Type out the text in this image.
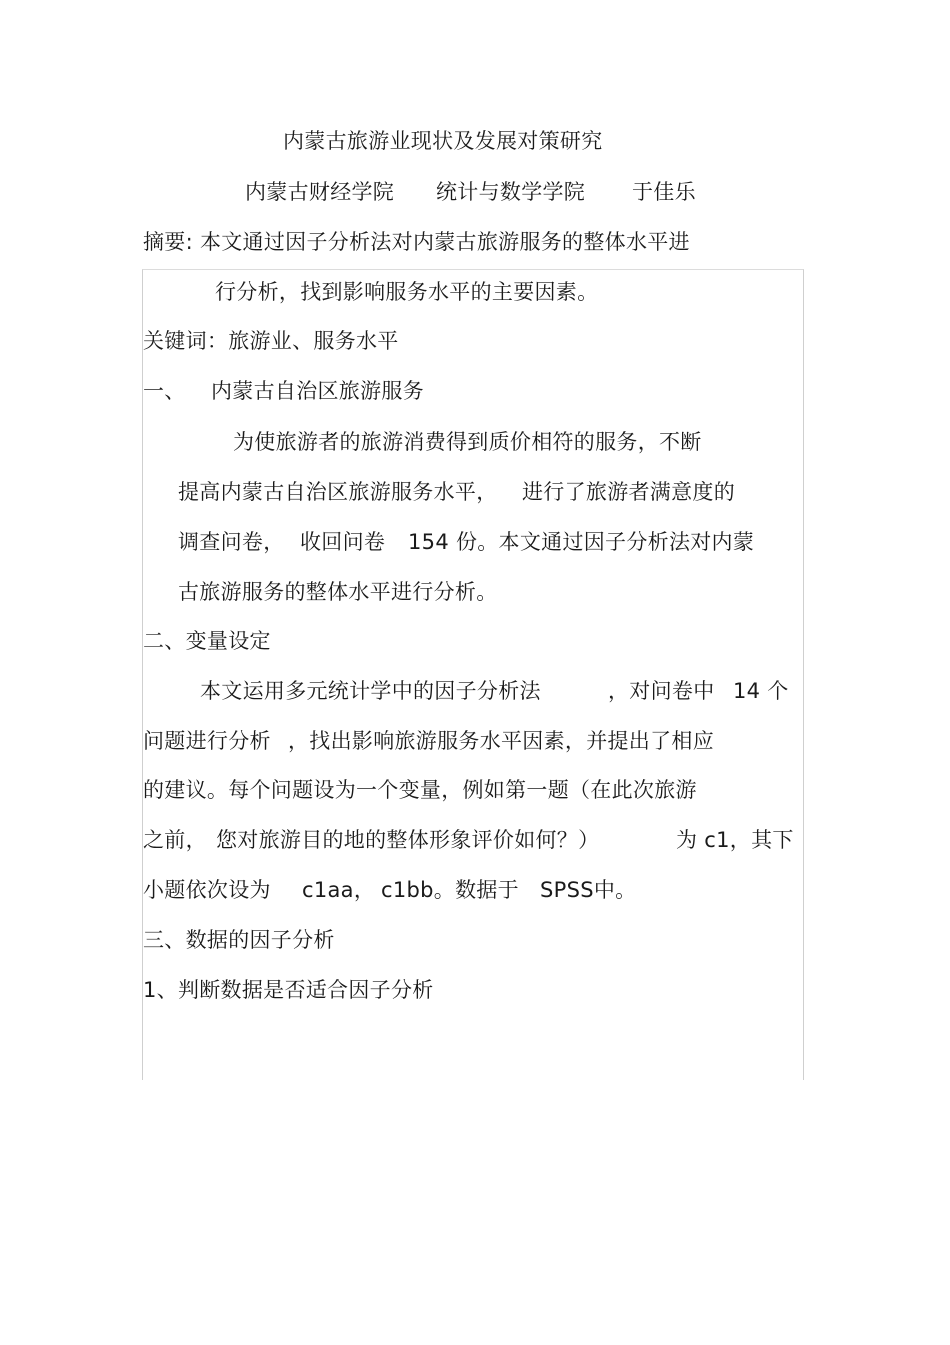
内蒙古旅游业现状及发展对策研究
内蒙古财经学院 统计与数学学院 于佳乐
摘要: 本文通过因子分析法对内蒙古旅游服务的整体水平进
行分析，找到影响服务水平的主要因素。
关键词：旅游业、服务水平
一、 内蒙古自治区旅游服务
为使旅游者的旅游消费得到质价相符的服务，不断
提高内蒙古自治区旅游服务水平， 进行了旅游者满意度的
调查问卷， 收回问卷 154 份。本文通过因子分析法对内蒙
古旅游服务的整体水平进行分析。
二、变量设定
本文运用多元统计学中的因子分析法	，对问卷中 14 个
问题进行分析 ，找出影响旅游服务水平因素，并提出了相应
的建议。每个问题设为一个变量，例如第一题（在此次旅游
之前， 您对旅游目的地的整体形象评价如何？）	为 c1，其下
小题依次设为 c1aa， c1bb。数据于 SPSS中。
三、数据的因子分析
1、判断数据是否适合因子分析
